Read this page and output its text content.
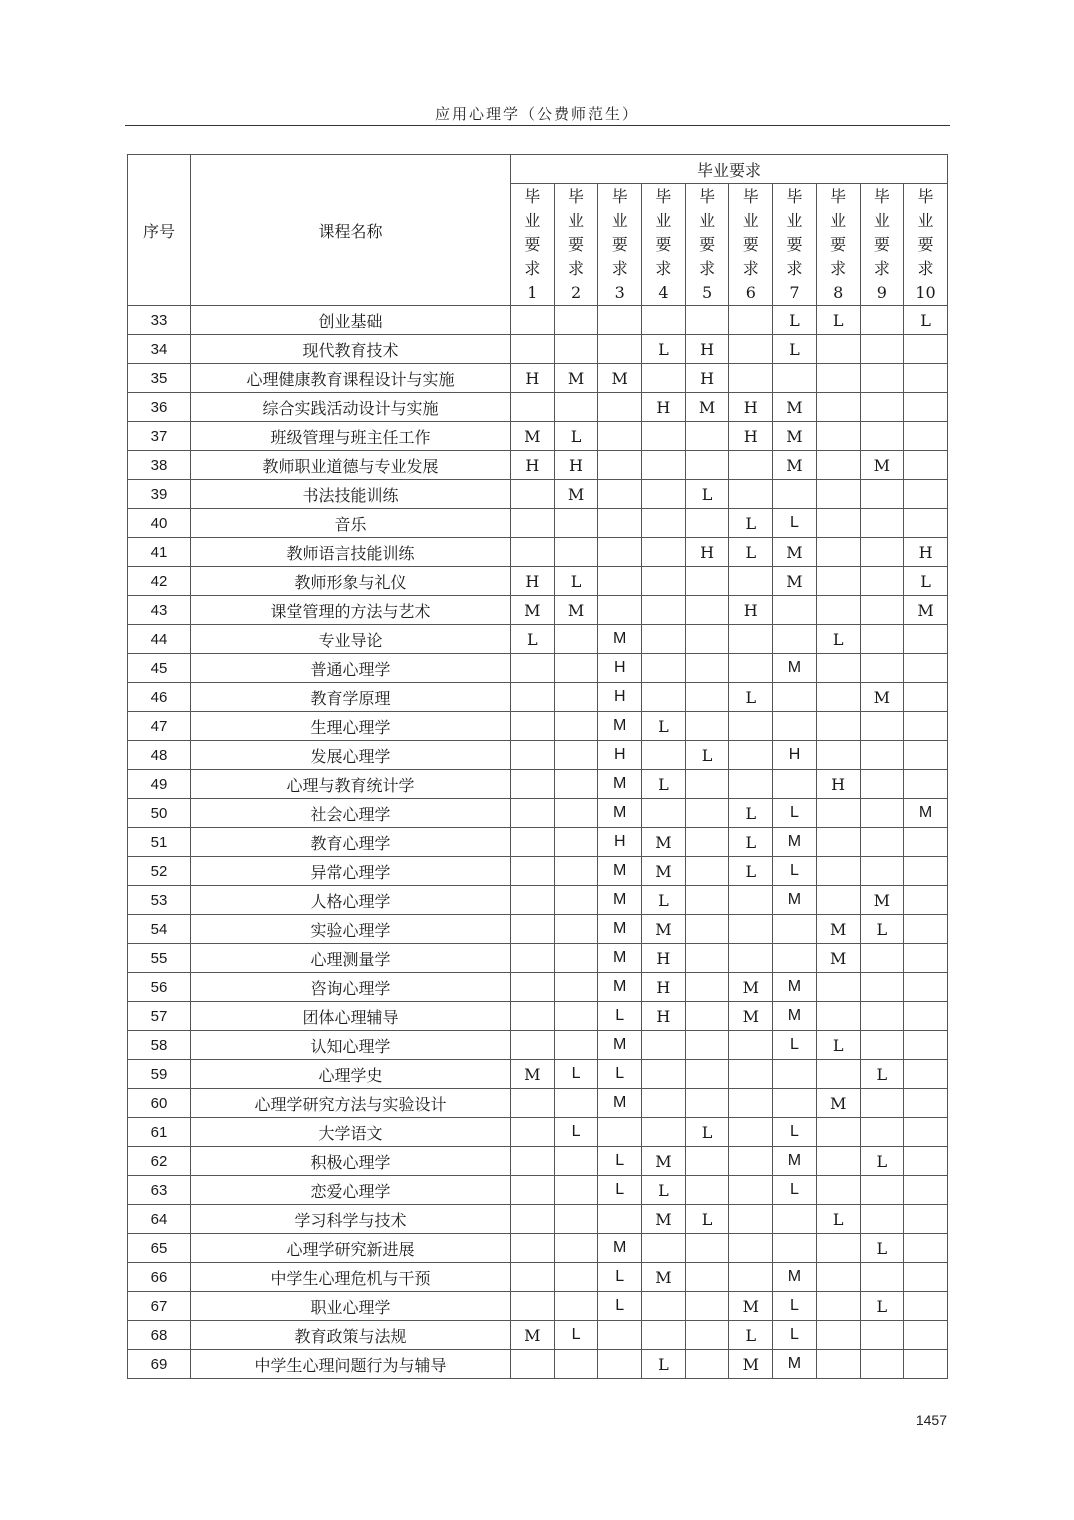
应用心理学（公费师范生）
序号	课程名称	毕业要求									

		毕
业
要
求
1	毕
业
要
求
2	毕
业
要
求
3	毕
业
要
求
4	毕
业
要
求
5	毕
业
要
求
6	毕
业
要
求
7	毕
业
要
求
8	毕
业
要
求
9	毕
业
要
求
10

33	创业基础							L	L		L
34	现代教育技术				L	H		L			
35	心理健康教育课程设计与实施	H	M	M		H					
36	综合实践活动设计与实施				H	M	H	M			
37	班级管理与班主任工作	M	L				H	M			
38	教师职业道德与专业发展	H	H					M		M	
39	书法技能训练		M			L					
40	音乐						L	L			
41	教师语言技能训练					H	L	M			H
42	教师形象与礼仪	H	L					M			L
43	课堂管理的方法与艺术	M	M				H				M
44	专业导论	L		M					L		
45	普通心理学			H				M			
46	教育学原理			H			L			M	
47	生理心理学			M	L						
48	发展心理学			H		L		H			
49	心理与教育统计学			M	L				H		
50	社会心理学			M			L	L			M
51	教育心理学			H	M		L	M			
52	异常心理学			M	M		L	L			
53	人格心理学			M	L			M		M	
54	实验心理学			M	M				M	L	
55	心理测量学			M	H				M		
56	咨询心理学			M	H		M	M			
57	团体心理辅导			L	H		M	M			
58	认知心理学			M				L	L		
59	心理学史	M	L	L						L	
60	心理学研究方法与实验设计			M					M		
61	大学语文		L			L		L			
62	积极心理学			L	M			M		L	
63	恋爱心理学			L	L			L			
64	学习科学与技术				M	L			L		
65	心理学研究新进展			M						L	
66	中学生心理危机与干预			L	M			M			
67	职业心理学			L			M	L		L	
68	教育政策与法规	M	L				L	L			
69	中学生心理问题行为与辅导				L		M	M			
1457
